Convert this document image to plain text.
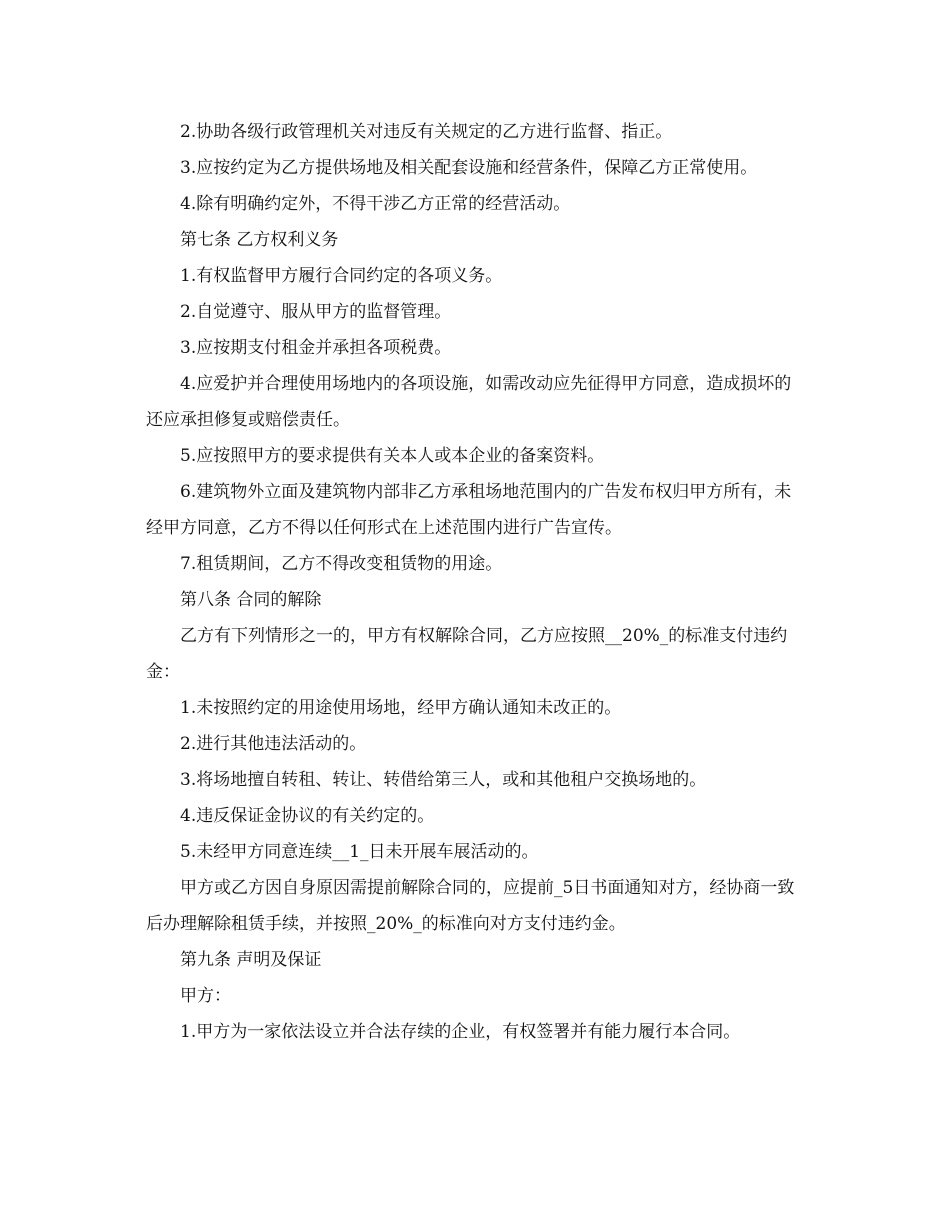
2.协助各级行政管理机关对违反有关规定的乙方进行监督、指正。

3.应按约定为乙方提供场地及相关配套设施和经营条件，保障乙方正常使用。

4.除有明确约定外，不得干涉乙方正常的经营活动。

第七条 乙方权利义务

1.有权监督甲方履行合同约定的各项义务。

2.自觉遵守、服从甲方的监督管理。

3.应按期支付租金并承担各项税费。

4.应爱护并合理使用场地内的各项设施，如需改动应先征得甲方同意，造成损坏的还应承担修复或赔偿责任。

5.应按照甲方的要求提供有关本人或本企业的备案资料。

6.建筑物外立面及建筑物内部非乙方承租场地范围内的广告发布权归甲方所有，未经甲方同意，乙方不得以任何形式在上述范围内进行广告宣传。

7.租赁期间，乙方不得改变租赁物的用途。

第八条 合同的解除

乙方有下列情形之一的，甲方有权解除合同，乙方应按照__20%_的标准支付违约金：

1.未按照约定的用途使用场地，经甲方确认通知未改正的。

2.进行其他违法活动的。

3.将场地擅自转租、转让、转借给第三人，或和其他租户交换场地的。

4.违反保证金协议的有关约定的。

5.未经甲方同意连续__1_日未开展车展活动的。

甲方或乙方因自身原因需提前解除合同的，应提前_5日书面通知对方，经协商一致后办理解除租赁手续，并按照_20%_的标准向对方支付违约金。

第九条 声明及保证

甲方：

1.甲方为一家依法设立并合法存续的企业，有权签署并有能力履行本合同。
